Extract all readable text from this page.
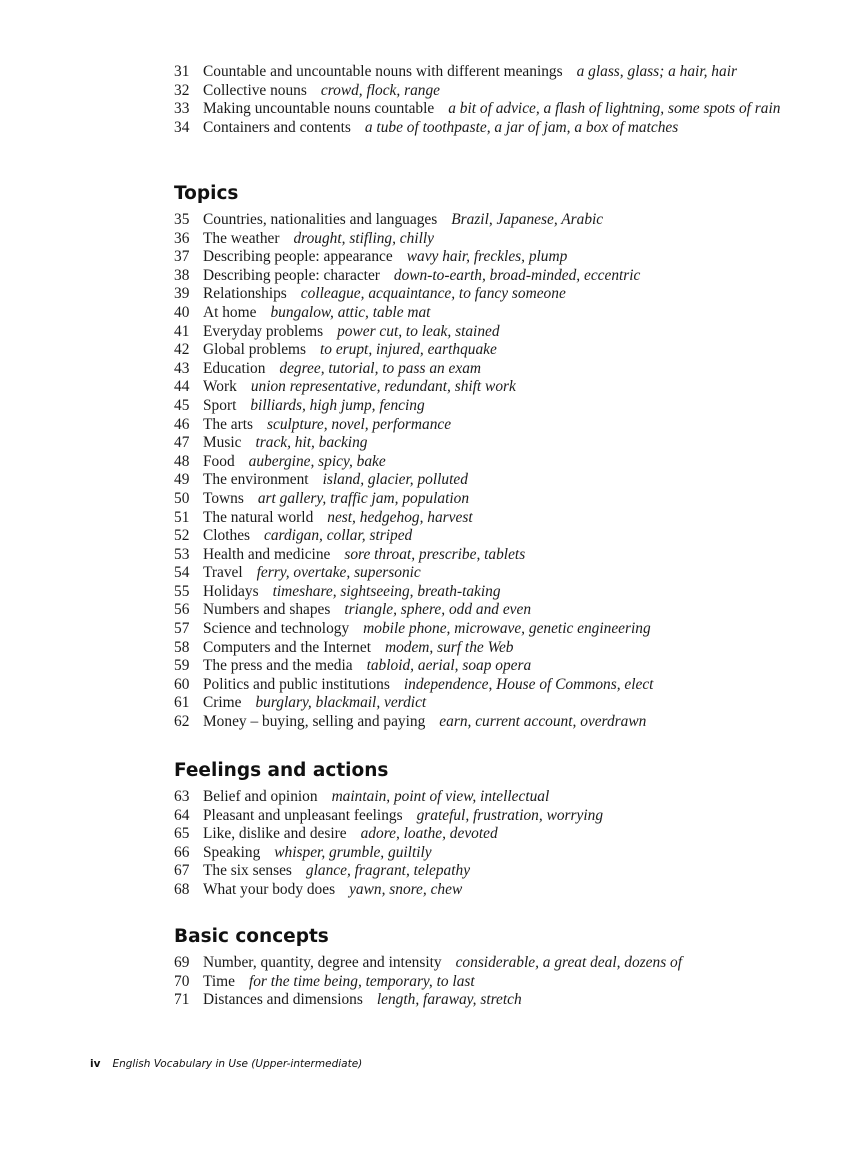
31 Countable and uncountable nouns with different meanings a glass, glass; a hair, hair
32 Collective nouns crowd, flock, range
33 Making uncountable nouns countable a bit of advice, a flash of lightning, some spots of rain
34 Containers and contents a tube of toothpaste, a jar of jam, a box of matches
Topics
35 Countries, nationalities and languages Brazil, Japanese, Arabic
36 The weather drought, stifling, chilly
37 Describing people: appearance wavy hair, freckles, plump
38 Describing people: character down-to-earth, broad-minded, eccentric
39 Relationships colleague, acquaintance, to fancy someone
40 At home bungalow, attic, table mat
41 Everyday problems power cut, to leak, stained
42 Global problems to erupt, injured, earthquake
43 Education degree, tutorial, to pass an exam
44 Work union representative, redundant, shift work
45 Sport billiards, high jump, fencing
46 The arts sculpture, novel, performance
47 Music track, hit, backing
48 Food aubergine, spicy, bake
49 The environment island, glacier, polluted
50 Towns art gallery, traffic jam, population
51 The natural world nest, hedgehog, harvest
52 Clothes cardigan, collar, striped
53 Health and medicine sore throat, prescribe, tablets
54 Travel ferry, overtake, supersonic
55 Holidays timeshare, sightseeing, breath-taking
56 Numbers and shapes triangle, sphere, odd and even
57 Science and technology mobile phone, microwave, genetic engineering
58 Computers and the Internet modem, surf the Web
59 The press and the media tabloid, aerial, soap opera
60 Politics and public institutions independence, House of Commons, elect
61 Crime burglary, blackmail, verdict
62 Money – buying, selling and paying earn, current account, overdrawn
Feelings and actions
63 Belief and opinion maintain, point of view, intellectual
64 Pleasant and unpleasant feelings grateful, frustration, worrying
65 Like, dislike and desire adore, loathe, devoted
66 Speaking whisper, grumble, guiltily
67 The six senses glance, fragrant, telepathy
68 What your body does yawn, snore, chew
Basic concepts
69 Number, quantity, degree and intensity considerable, a great deal, dozens of
70 Time for the time being, temporary, to last
71 Distances and dimensions length, faraway, stretch
iv English Vocabulary in Use (Upper-intermediate)
